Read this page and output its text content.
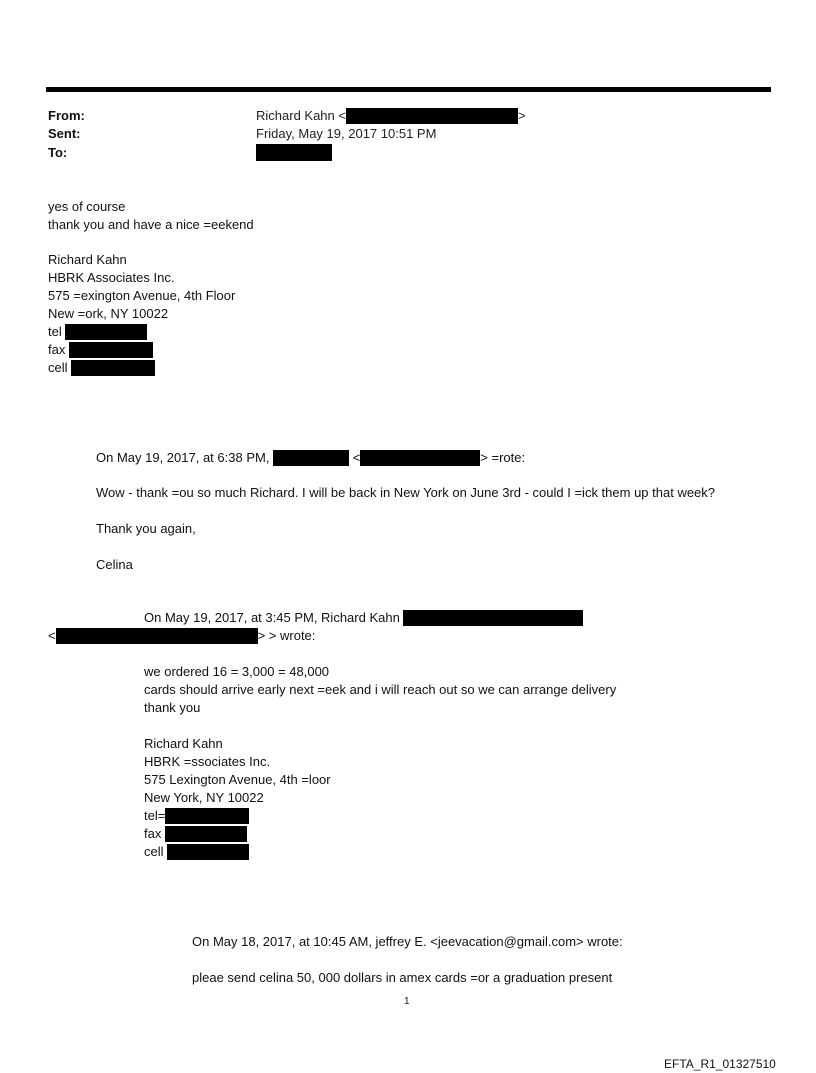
From:	Richard Kahn <	>
Sent:	Friday, May 19, 2017 10:51 PM
To:
yes of course
thank you and have a nice =eekend
Richard Kahn
HBRK Associates Inc.
575 =exington Avenue, 4th Floor
New =ork, NY 10022
tel
fax
cell
On May 19, 2017, at 6:38 PM,	<	> =rote:
Wow - thank =ou so much Richard. I will be back in New York on June 3rd - could I =ick them up that week?
Thank you again,
Celina
On May 19, 2017, at 3:45 PM, Richard Kahn
<	> > wrote:
we ordered 16 = 3,000 = 48,000
cards should arrive early next =eek and i will reach out so we can arrange delivery
thank you
Richard Kahn
HBRK =ssociates Inc.
575 Lexington Avenue, 4th =loor
New York, NY 10022
tel=
fax
cell
On May 18, 2017, at 10:45 AM, jeffrey E. <jeevacation@gmail.com> wrote:
pleae send celina 50, 000 dollars in amex cards =or a graduation present
1
EFTA_R1_01327510
